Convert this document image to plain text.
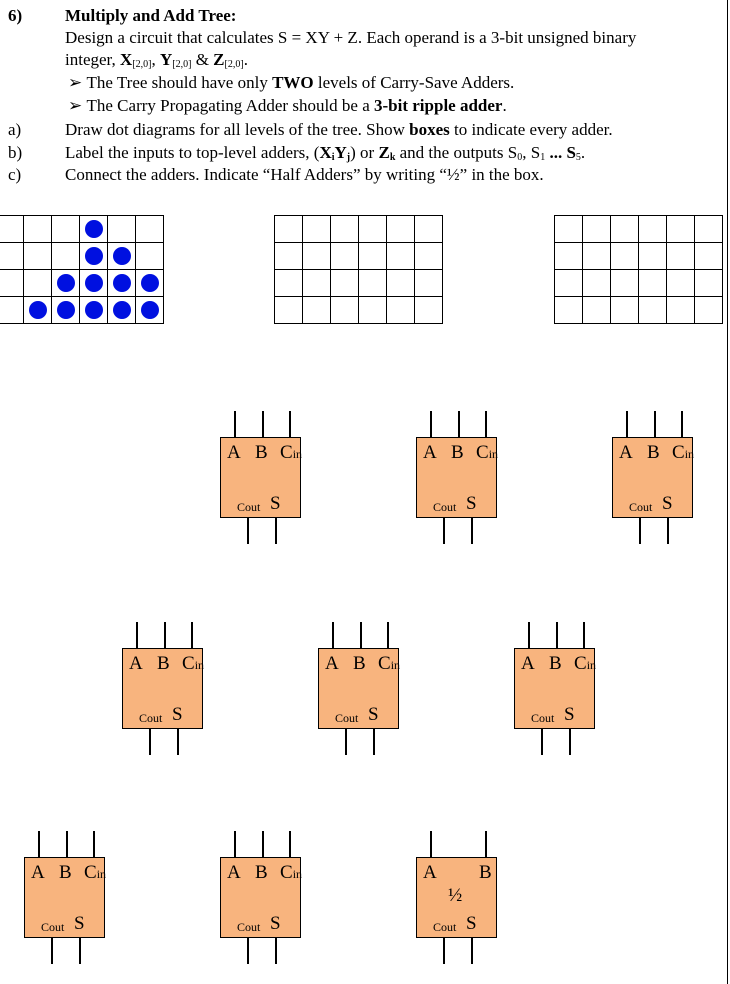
6)	Multiply and Add Tree:
Design a circuit that calculates S = XY + Z. Each operand is a 3-bit unsigned binary
integer, $X_{[2,0]}$, $Y_{[2,0]}$ & $Z_{[2,0]}$.
➢ The Tree should have only TWO levels of Carry-Save Adders.
➢ The Carry Propagating Adder should be a 3-bit ripple adder.
a)	Draw dot diagrams for all levels of the tree. Show boxes to indicate every adder.
b)	Label the inputs to top-level adders, $(X_iY_j)$ or $Z_k$ and the outputs $S_0$, $S_1$ ... $S_5$.
c)	Connect the adders. Indicate “Half Adders” by writing “½” in the box.

A B Cin
Cout S
A B Cin
Cout S
A B Cin
Cout S
A B Cin
Cout S
A B Cin
Cout S
A B Cin
Cout S
A B Cin
Cout S
A B Cin
Cout S
A B
½
Cout S
